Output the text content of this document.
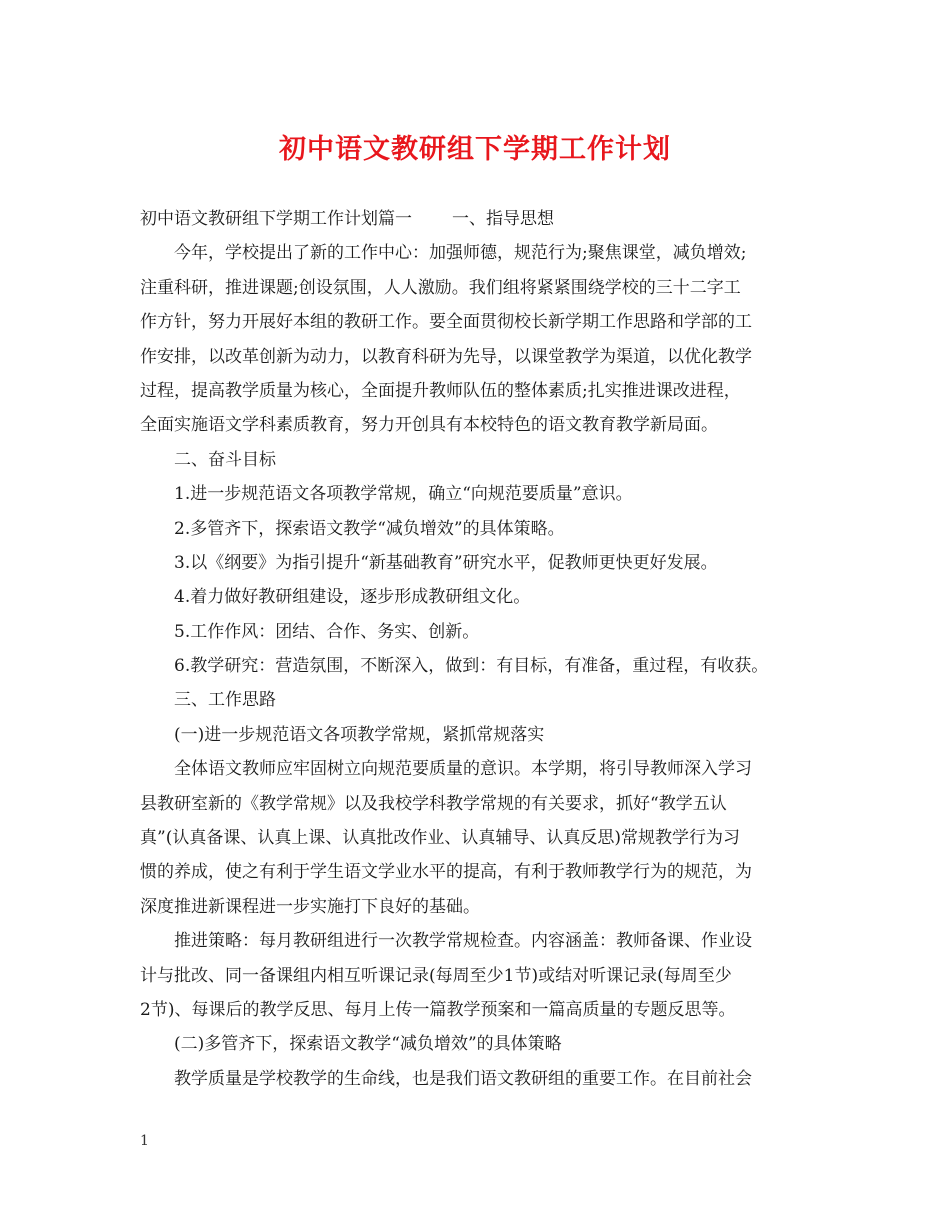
初中语文教研组下学期工作计划

初中语文教研组下学期工作计划篇一 一、指导思想

今年，学校提出了新的工作中心：加强师德，规范行为;聚焦课堂，减负增效;

注重科研，推进课题;创设氛围，人人激励。我们组将紧紧围绕学校的三十二字工

作方针，努力开展好本组的教研工作。要全面贯彻校长新学期工作思路和学部的工

作安排，以改革创新为动力，以教育科研为先导，以课堂教学为渠道，以优化教学

过程，提高教学质量为核心，全面提升教师队伍的整体素质;扎实推进课改进程，

全面实施语文学科素质教育，努力开创具有本校特色的语文教育教学新局面。

二、奋斗目标

1.进一步规范语文各项教学常规，确立“向规范要质量”意识。

2.多管齐下，探索语文教学“减负增效”的具体策略。

3.以《纲要》为指引提升“新基础教育”研究水平，促教师更快更好发展。

4.着力做好教研组建设，逐步形成教研组文化。

5.工作作风：团结、合作、务实、创新。

6.教学研究：营造氛围，不断深入，做到：有目标，有准备，重过程，有收获。

三、工作思路

(一)进一步规范语文各项教学常规，紧抓常规落实

全体语文教师应牢固树立向规范要质量的意识。本学期，将引导教师深入学习

县教研室新的《教学常规》以及我校学科教学常规的有关要求，抓好“教学五认

真”(认真备课、认真上课、认真批改作业、认真辅导、认真反思)常规教学行为习

惯的养成，使之有利于学生语文学业水平的提高，有利于教师教学行为的规范，为

深度推进新课程进一步实施打下良好的基础。

推进策略：每月教研组进行一次教学常规检查。内容涵盖：教师备课、作业设

计与批改、同一备课组内相互听课记录(每周至少1节)或结对听课记录(每周至少

2节)、每课后的教学反思、每月上传一篇教学预案和一篇高质量的专题反思等。

(二)多管齐下，探索语文教学“减负增效”的具体策略

教学质量是学校教学的生命线，也是我们语文教研组的重要工作。在目前社会

1
